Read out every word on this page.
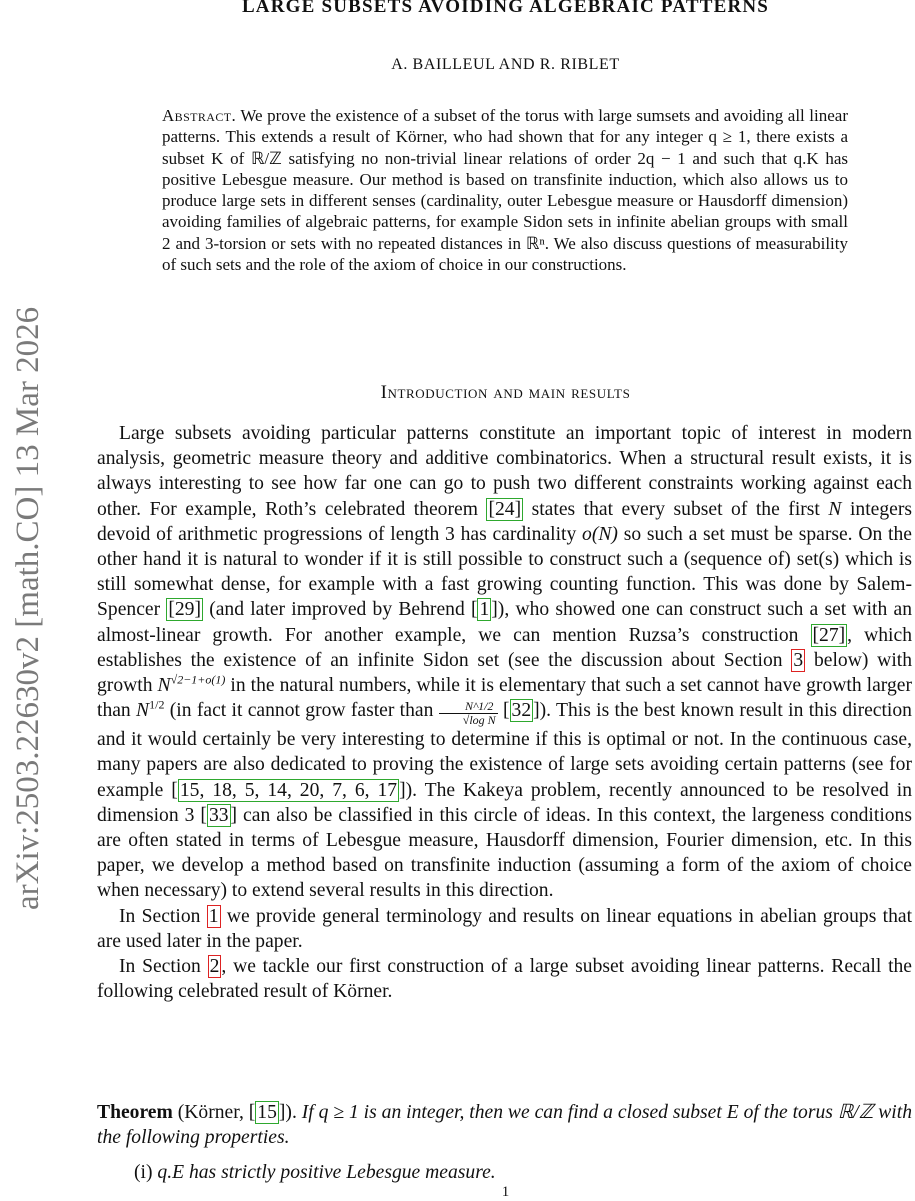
arXiv:2503.22630v2 [math.CO] 13 Mar 2026
LARGE SUBSETS AVOIDING ALGEBRAIC PATTERNS
A. BAILLEUL AND R. RIBLET
Abstract. We prove the existence of a subset of the torus with large sumsets and avoiding all linear patterns. This extends a result of Körner, who had shown that for any integer q ≥ 1, there exists a subset K of ℝ/ℤ satisfying no non-trivial linear relations of order 2q − 1 and such that q.K has positive Lebesgue measure. Our method is based on transfinite induction, which also allows us to produce large sets in different senses (cardinality, outer Lebesgue measure or Hausdorff dimension) avoiding families of algebraic patterns, for example Sidon sets in infinite abelian groups with small 2 and 3-torsion or sets with no repeated distances in ℝⁿ. We also discuss questions of measurability of such sets and the role of the axiom of choice in our constructions.
Introduction and main results

Large subsets avoiding particular patterns constitute an important topic of interest in modern analysis, geometric measure theory and additive combinatorics. When a structural result exists, it is always interesting to see how far one can go to push two different constraints working against each other. For example, Roth’s celebrated theorem [24] states that every subset of the first N integers devoid of arithmetic progressions of length 3 has cardinality o(N) so such a set must be sparse. On the other hand it is natural to wonder if it is still possible to construct such a (sequence of) set(s) which is still somewhat dense, for example with a fast growing counting function. This was done by Salem-Spencer [29] (and later improved by Behrend [ 1 ]), who showed one can construct such a set with an almost-linear growth. For another example, we can mention Ruzsa’s construction [27] , which establishes the existence of an infinite Sidon set (see the discussion about Section 3 below) with growth $N^{√2-1+o(1)}$ in the natural numbers, while it is elementary that such a set cannot have growth larger than $N^{1/2}$ (in fact it cannot grow faster than $\frac{N\^{}1/2}{\text{√log N}}$ [ 32 ]). This is the best known result in this direction and it would certainly be very interesting to determine if this is optimal or not. In the continuous case, many papers are also dedicated to proving the existence of large sets avoiding certain patterns (see for example [ 15, 18, 5, 14, 20, 7, 6, 17 ]). The Kakeya problem, recently announced to be resolved in dimension 3 [ 33 ] can also be classified in this circle of ideas. In this context, the largeness conditions are often stated in terms of Lebesgue measure, Hausdorff dimension, Fourier dimension, etc. In this paper, we develop a method based on transfinite induction (assuming a form of the axiom of choice when necessary) to extend several results in this direction.

In Section 1 we provide general terminology and results on linear equations in abelian groups that are used later in the paper.

In Section 2 , we tackle our first construction of a large subset avoiding linear patterns. Recall the following celebrated result of Körner.

Theorem (Körner, [ 15 ]). If q ≥ 1 is an integer, then we can find a closed subset E of the torus ℝ/ℤ with the following properties.
(i) q.E has strictly positive Lebesgue measure.
1
